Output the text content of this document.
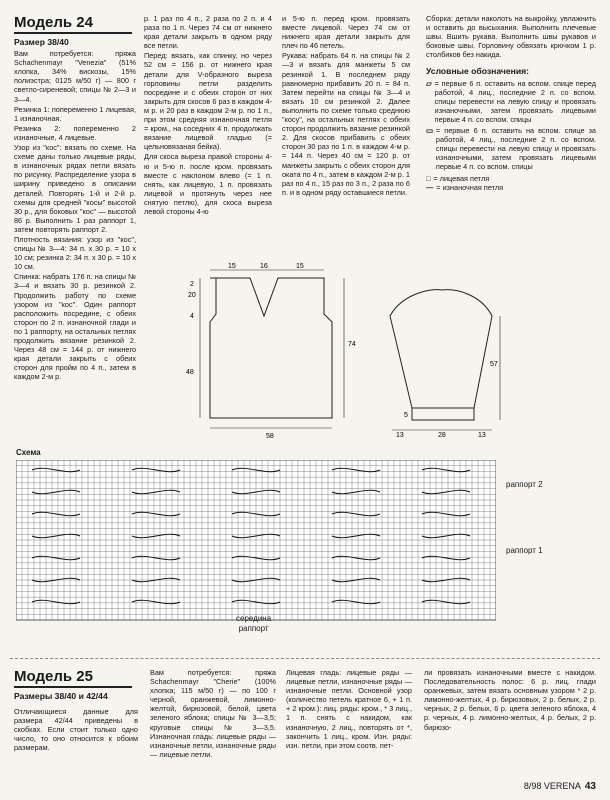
Модель 24
Размер 38/40

Вам потребуется: пряжа Schachenmayr "Venezia" (51% хлопка, 34% вискозы, 15% полиэстра; 0125 м/50 г) — 800 г светло-сиреневой; спицы № 2—3 и 3—4.

Резинка 1: попеременно 1 лицевая, 1 изнаночная.

Резинка 2: попеременно 2 изнаночные, 4 лицевые.

Узор из "кос": вязать по схеме. На схеме даны только лицевые ряды, в изнаночных рядах петли вязать по рисунку. Распределение узора в ширину приведено в описании деталей. Повторять 1-й и 2-й р. схемы для средней "косы" высотой 30 р., для боковых "кос" — высотой 86 р. Выполнить 1 раз раппорт 1, затем повторять раппорт 2.

Плотность вязания: узор из "кос", спицы № 3—4: 34 п. х 30 р. = 10 х 10 см; резинка 2: 34 п. х 30 р. = 10 х 10 см.

Спинка: набрать 176 п. на спицы № 3—4 и вязать 30 р. резинкой 2. Продолжить работу по схеме узором из "кос". Один раппорт расположить посредине, с обеих сторон по 2 п. изнаночной глади и по 1 раппорту, на остальных петлях продолжить вязание резинкой 2. Через 48 см = 144 р. от нижнего края детали закрыть с обеих сторон для пройм по 4 п., затем в каждом 2-м р.

р. 1 раз по 4 п., 2 раза по 2 п. и 4 раза по 1 п. Через 74 см от нижнего края детали закрыть в одном ряду все петли.

Перед: вязать, как спинку, но через 52 см = 156 р. от нижнего края детали для V-образного выреза горловины петли разделить посредине и с обеих сторон от них закрыть для скосов 6 раз в каждом 4-м р. и 20 раз в каждом 2-м р. по 1 п., при этом средняя изнаночная петля = кром., на соседних 4 п. продолжать вязание лицевой гладью (= цельновязаная бейка).

Для скоса выреза правой стороны 4-ю и 5-ю п. после кром. провязать вместе с наклоном влево (= 1 п. снять, как лицевую, 1 п. провязать лицевой и протянуть через нее снятую петлю), для скоса выреза левой стороны 4-ю

и 5-ю п. перед кром. провязать вместе лицевой. Через 74 см от нижнего края детали закрыть для плеч по 46 петель.

Рукава: набрать 64 п. на спицы № 2—3 и вязать для манжеты 5 см резинкой 1. В последнем ряду равномерно прибавить 20 п. = 84 п. Затем перейти на спицы № 3—4 и вязать 10 см резинкой 2. Далее выполнить по схеме только среднюю "косу", на остальных петлях с обеих сторон продолжить вязание резинкой 2. Для скосов прибавить с обеих сторон 30 раз по 1 п. в каждом 4-м р. = 144 п. Через 40 см = 120 р. от манжеты закрыть с обеих сторон для оката по 4 п., затем в каждом 2-м р. 1 раз по 4 п., 15 раз по 3 п., 2 раза по 6 п. и в одном ряду оставшиеся петли.

Сборка: детали наколоть на выкройку, увлажнить и оставить до высыхания. Выполнить плечевые швы. Вшить рукава. Выполнить швы рукавов и боковые швы. Горловину обвязать крючком 1 р. столбиков без накида.

Условные обозначения:
▱ = первые 6 п. оставить на вспом. спице перед работой, 4 лиц., последние 2 п. со вспом. спицы перевести на левую спицу и провязать изнаночными, затем провязать лицевыми первые 4 п. со вспом. спицы
▭ = первые 6 п. оставить на вспом. спице за работой, 4 лиц., последние 2 п. со вспом. спицы перевести на левую спицу и провязать изнаночными, затем провязать лицевыми первые 4 п. со вспом. спицы
□ = лицевая петля
— = изнаночная петля
15	16	15
2
20
4
48
74
58
5
57
13	28	13
Схема
раппорт 2
раппорт 1
середина
раппорт
Модель 25
Размеры 38/40 и 42/44

Отличающиеся данные для размера 42/44 приведены в скобках. Если стоит только одно число, то оно относится к обоим размерам.

Вам потребуется: пряжа Schachenmayr "Cherie" (100% хлопка; 115 м/50 г) — по 100 г черной, оранжевой, лимонно-желтой, бирюзовой, белой, цвета зеленого яблока; спицы № 3—3,5; круговые спицы № 3—3,5. Изнаночная гладь: лицевые ряды — изнаночные петли, изнаночные ряды — лицевые петли.

Лицевая гладь: лицевые ряды — лицевые петли, изнаночные ряды — изнаночные петли. Основной узор (количество петель кратное 6, + 1 п. + 2 кром.): лиц. ряды: кром., * 3 лиц., 1 п. снять с накидом, как изнаночную, 2 лиц., повторять от *, закончить 1 лиц., кром. Изн. ряды: изн. петли, при этом соотв. пет-

ли провязать изнаночными вместе с накидом. Последовательность полос: 6 р. лиц. глади оранжевых, затем вязать основным узором * 2 р. лимонно-желтых, 4 р. бирюзовых, 2 р. белых, 2 р. черных, 2 р. белых, 6 р. цвета зеленого яблока, 4 р. черных, 4 р. лимонно-желтых, 4 р. белых, 2 р. бирюзо-

8/98 VERENA 43
